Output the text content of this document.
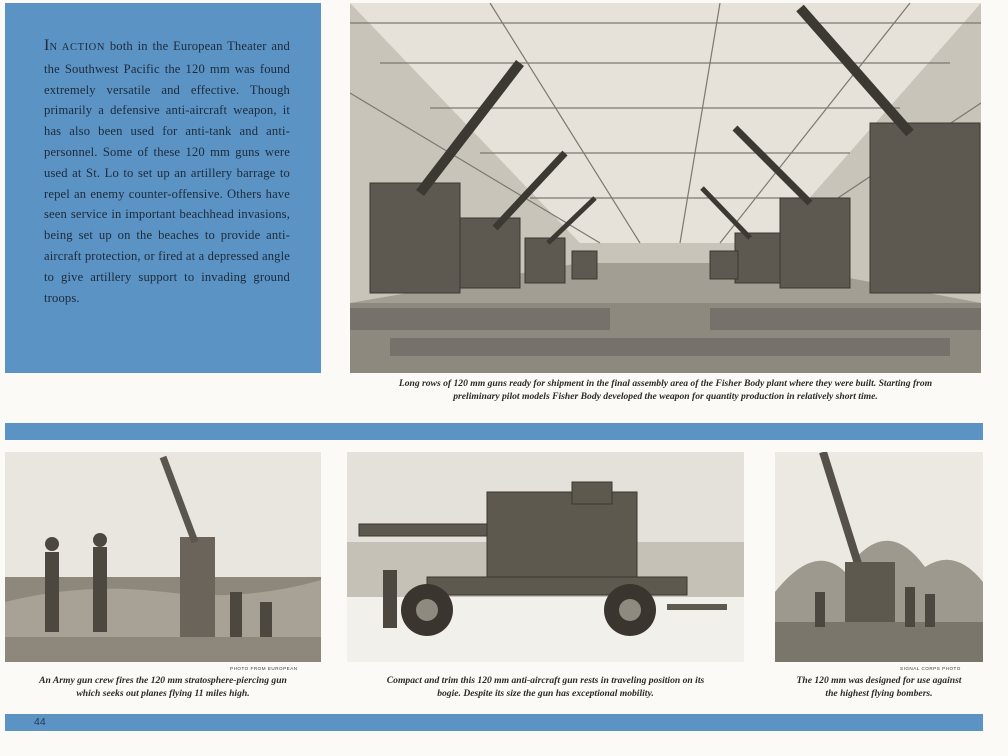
IN ACTION both in the European Theater and the Southwest Pacific the 120 mm was found extremely versatile and effective. Though primarily a defensive anti-aircraft weapon, it has also been used for anti-tank and anti-personnel. Some of these 120 mm guns were used at St. Lo to set up an artillery barrage to repel an enemy counter-offensive. Others have seen service in important beachhead invasions, being set up on the beaches to provide anti-aircraft protection, or fired at a depressed angle to give artillery support to invading ground troops.
Long rows of 120 mm guns ready for shipment in the final assembly area of the Fisher Body plant where they were built. Starting from
preliminary pilot models Fisher Body developed the weapon for quantity production in relatively short time.
PHOTO FROM EUROPEAN
An Army gun crew fires the 120 mm stratosphere-piercing gun
which seeks out planes flying 11 miles high.
Compact and trim this 120 mm anti-aircraft gun rests in traveling position on its
bogie. Despite its size the gun has exceptional mobility.
SIGNAL CORPS PHOTO
The 120 mm was designed for use against
the highest flying bombers.
44
